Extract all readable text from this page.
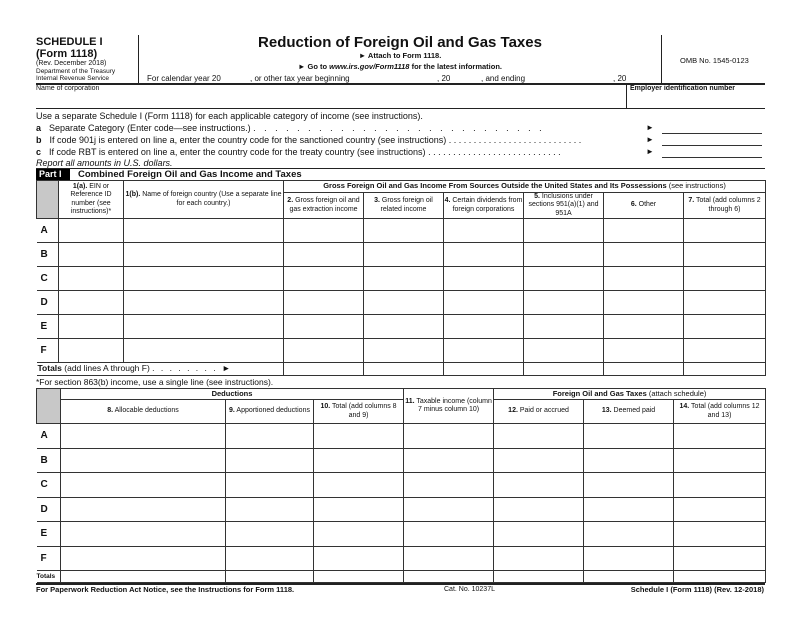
SCHEDULE I
(Form 1118)
(Rev. December 2018)
Department of the Treasury
Internal Revenue Service
Reduction of Foreign Oil and Gas Taxes
► Attach to Form 1118.
► Go to www.irs.gov/Form1118 for the latest information.
For calendar year 20	, or other tax year beginning	, 20	, and ending	, 20
OMB No. 1545-0123
Name of corporation	Employer identification number
Use a separate Schedule I (Form 1118) for each applicable category of income (see instructions).
a Separate Category (Enter code—see instructions.) . . . . . . . . . . . . . . . . . . . . . . . . . . .	►
b If code 901j is entered on line a, enter the country code for the sanctioned country (see instructions) . . . . . . . . . . . . . . . . . . . . . . . . . . .	►
c If code RBT is entered on line a, enter the country code for the treaty country (see instructions) . . . . . . . . . . . . . . . . . . . . . . . . . . .	►
Report all amounts in U.S. dollars.
Part I	Combined Foreign Oil and Gas Income and Taxes
	1(a). EIN or Reference ID number (see instructions)*	1(b). Name of foreign country (Use a separate line for each country.)	Gross Foreign Oil and Gas Income From Sources Outside the United States and Its Possessions (see instructions)					
			2. Gross foreign oil and gas extraction income	3. Gross foreign oil related income	4. Certain dividends from foreign corporations	5. Inclusions under sections 951(a)(1) and 951A	6. Other	7. Total (add columns 2 through 6)
A								
B								
C								
D								
E								
F								
Totals (add lines A through F) . . . . . . . . ►								
*For section 863(b) income, use a single line (see instructions).
	Deductions			11. Taxable income (column 7 minus column 10)	Foreign Oil and Gas Taxes (attach schedule)		
	8. Allocable deductions	9. Apportioned deductions	10. Total (add columns 8 and 9)		12. Paid or accrued	13. Deemed paid	14. Total (add columns 12 and 13)
A							
B							
C							
D							
E							
F							
Totals							
For Paperwork Reduction Act Notice, see the Instructions for Form 1118.	Cat. No. 10237L	Schedule I (Form 1118) (Rev. 12-2018)
